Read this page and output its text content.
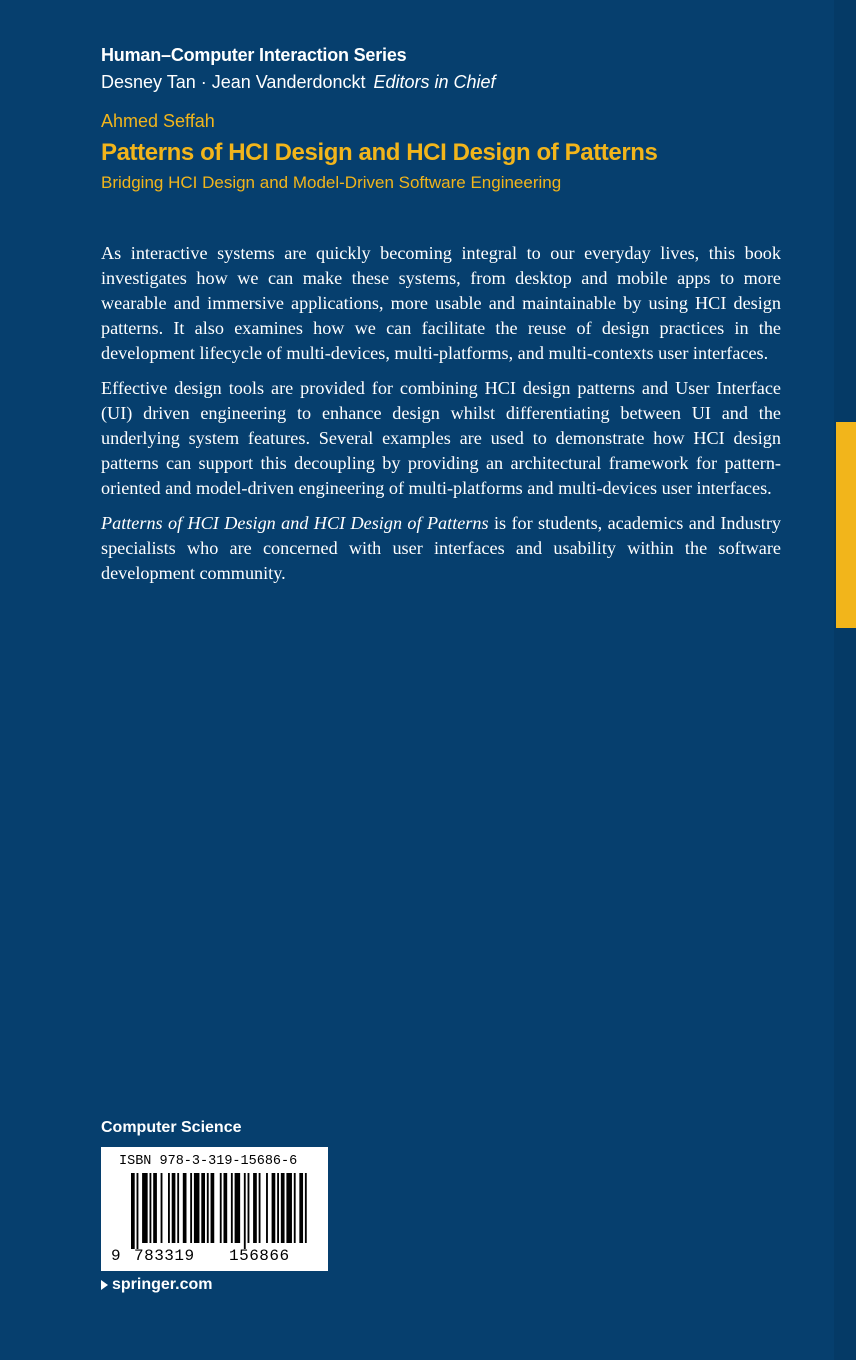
Human–Computer Interaction Series
Desney Tan · Jean Vanderdonckt Editors in Chief
Ahmed Seffah
Patterns of HCI Design and HCI Design of Patterns
Bridging HCI Design and Model-Driven Software Engineering

As interactive systems are quickly becoming integral to our everyday lives, this book investigates how we can make these systems, from desktop and mobile apps to more wearable and immersive applications, more usable and maintainable by using HCI design patterns. It also examines how we can facilitate the reuse of design practices in the development lifecycle of multi-devices, multi-platforms, and multi-contexts user interfaces.

Effective design tools are provided for combining HCI design patterns and User Interface (UI) driven engineering to enhance design whilst differentiating between UI and the underlying system features. Several examples are used to demonstrate how HCI design patterns can support this decoupling by providing an architectural framework for pattern-oriented and model-driven engineering of multi-platforms and multi-devices user interfaces.

Patterns of HCI Design and HCI Design of Patterns is for students, academics and Industry specialists who are concerned with user interfaces and usability within the software development community.

Computer Science
ISBN 978-3-319-15686-6
9 783319 156866
springer.com
